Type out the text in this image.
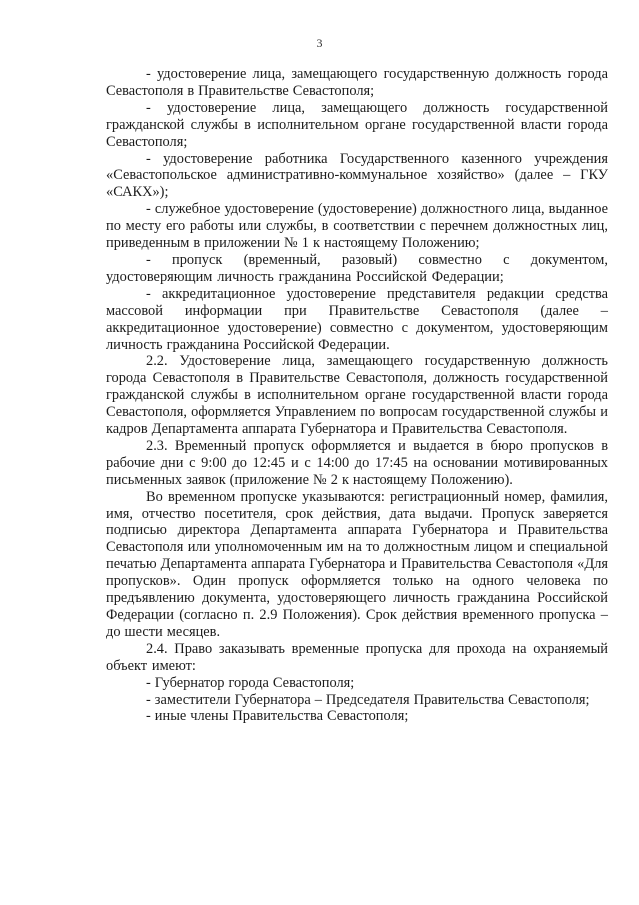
3

- удостоверение лица, замещающего государственную должность города Севастополя в Правительстве Севастополя;

- удостоверение лица, замещающего должность государственной гражданской службы в исполнительном органе государственной власти города Севастополя;

- удостоверение работника Государственного казенного учреждения «Севастопольское административно-коммунальное хозяйство» (далее – ГКУ «САКХ»);

- служебное удостоверение (удостоверение) должностного лица, выданное по месту его работы или службы, в соответствии с перечнем должностных лиц, приведенным в приложении № 1 к настоящему Положению;

- пропуск (временный, разовый) совместно с документом, удостоверяющим личность гражданина Российской Федерации;

- аккредитационное удостоверение представителя редакции средства массовой информации при Правительстве Севастополя (далее – аккредитационное удостоверение) совместно с документом, удостоверяющим личность гражданина Российской Федерации.

2.2. Удостоверение лица, замещающего государственную должность города Севастополя в Правительстве Севастополя, должность государственной гражданской службы в исполнительном органе государственной власти города Севастополя, оформляется Управлением по вопросам государственной службы и кадров Департамента аппарата Губернатора и Правительства Севастополя.

2.3. Временный пропуск оформляется и выдается в бюро пропусков в рабочие дни с 9:00 до 12:45 и с 14:00 до 17:45 на основании мотивированных письменных заявок (приложение № 2 к настоящему Положению).

Во временном пропуске указываются: регистрационный номер, фамилия, имя, отчество посетителя, срок действия, дата выдачи. Пропуск заверяется подписью директора Департамента аппарата Губернатора и Правительства Севастополя или уполномоченным им на то должностным лицом и специальной печатью Департамента аппарата Губернатора и Правительства Севастополя «Для пропусков». Один пропуск оформляется только на одного человека по предъявлению документа, удостоверяющего личность гражданина Российской Федерации (согласно п. 2.9 Положения). Срок действия временного пропуска – до шести месяцев.

2.4. Право заказывать временные пропуска для прохода на охраняемый объект имеют:

- Губернатор города Севастополя;

- заместители Губернатора – Председателя Правительства Севастополя;

- иные члены Правительства Севастополя;
